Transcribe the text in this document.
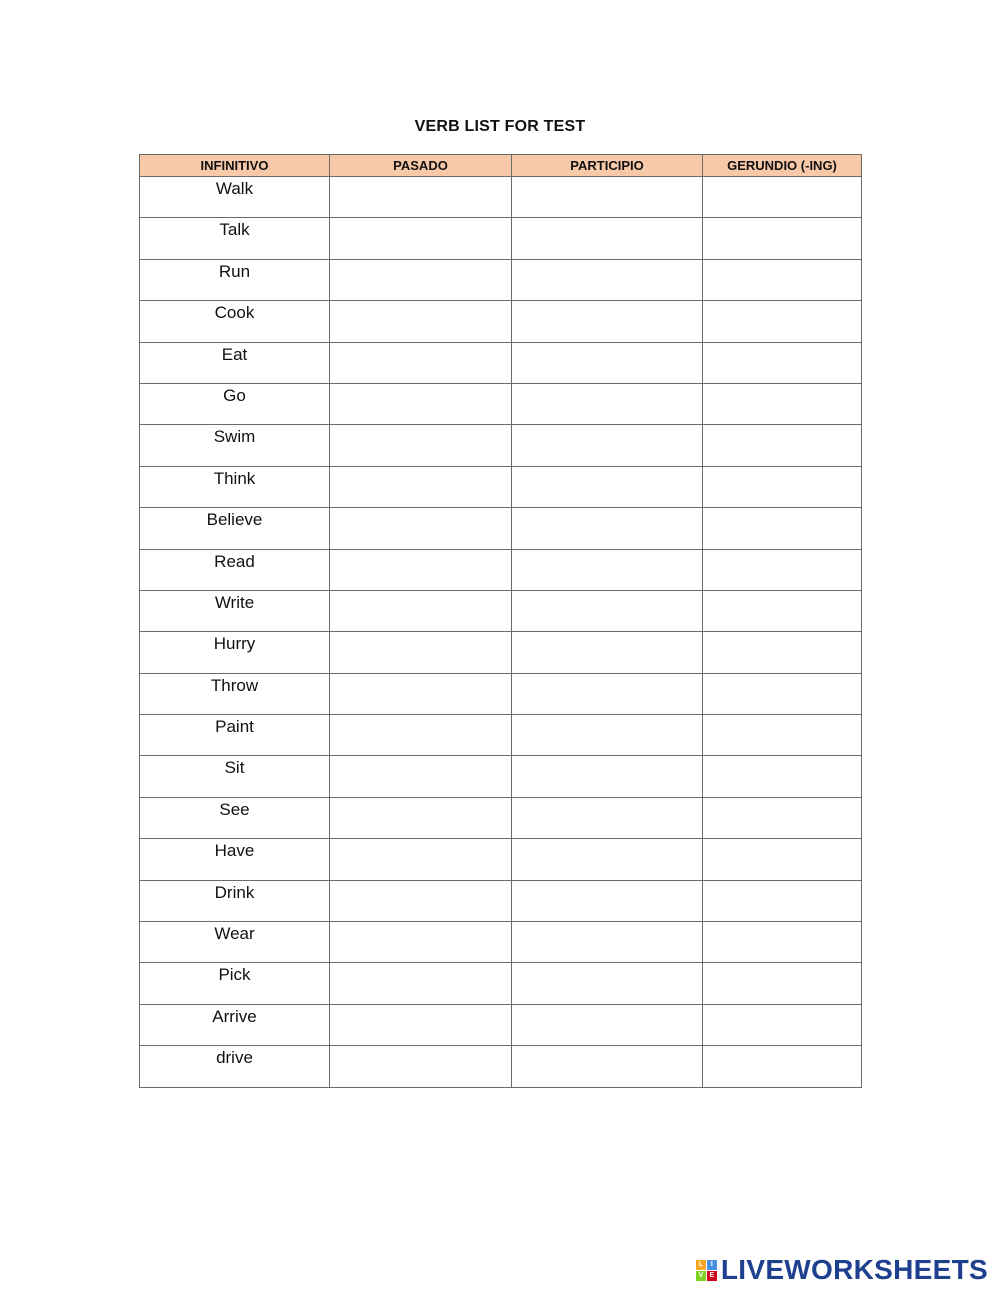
VERB LIST FOR TEST
INFINITIVO	PASADO	PARTICIPIO	GERUNDIO (-ING)
Walk			
Talk			
Run			
Cook			
Eat			
Go			
Swim			
Think			
Believe			
Read			
Write			
Hurry			
Throw			
Paint			
Sit			
See			
Have			
Drink			
Wear			
Pick			
Arrive			
drive			
L	I
V E LIVEWORKSHEETS
